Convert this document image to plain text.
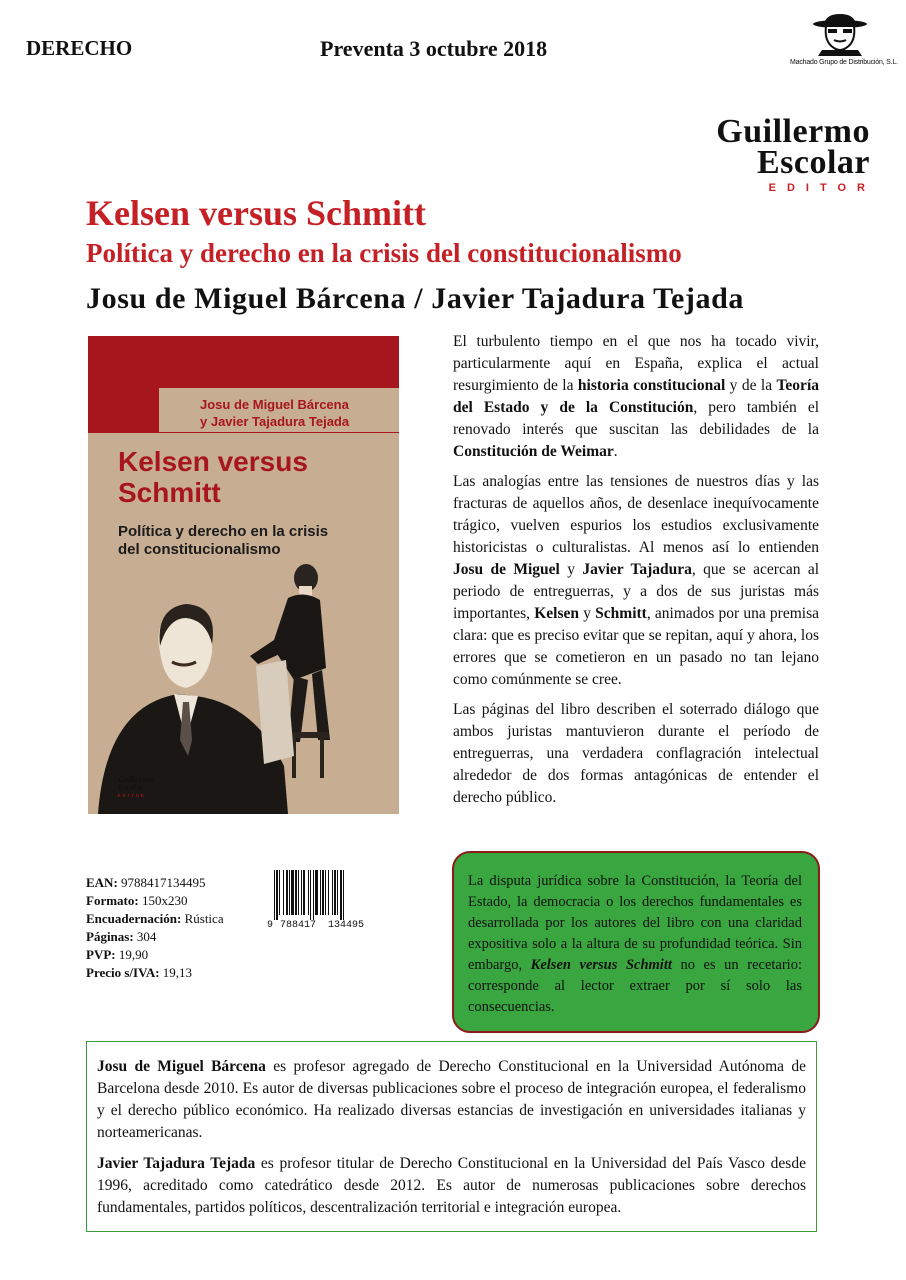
DERECHO	Preventa 3 octubre 2018
Machado Grupo de Distribución, S.L.
Guillermo
Escolar
EDITOR
Kelsen versus Schmitt
Política y derecho en la crisis del constitucionalismo
Josu de Miguel Bárcena / Javier Tajadura Tejada
Josu de Miguel Bárcena
y Javier Tajadura Tejada
Kelsen versus
Schmitt
Política y derecho en la crisis
del constitucionalismo
Guillermo
Escolar
EDITOR

El turbulento tiempo en el que nos ha tocado vivir, particularmente aquí en España, explica el actual resurgimiento de la historia constitucional y de la Teoría del Estado y de la Constitución, pero también el renovado interés que suscitan las debilidades de la Constitución de Weimar.

Las analogías entre las tensiones de nuestros días y las fracturas de aquellos años, de desenlace inequívocamente trágico, vuelven espurios los estudios exclusivamente historicistas o culturalistas. Al menos así lo entienden Josu de Miguel y Javier Tajadura, que se acercan al periodo de entreguerras, y a dos de sus juristas más importantes, Kelsen y Schmitt, animados por una premisa clara: que es preciso evitar que se repitan, aquí y ahora, los errores que se cometieron en un pasado no tan lejano como comúnmente se cree.

Las páginas del libro describen el soterrado diálogo que ambos juristas mantuvieron durante el período de entreguerras, una verdadera conflagración intelectual alrededor de dos formas antagónicas de entender el derecho público.

EAN: 9788417134495
Formato: 150x230
Encuadernación: Rústica
Páginas: 304
PVP: 19,90
Precio s/IVA: 19,13
9 788417 134495
La disputa jurídica sobre la Constitución, la Teoría del Estado, la democracia o los derechos fundamentales es desarrollada por los autores del libro con una claridad expositiva solo a la altura de su profundidad teórica. Sin embargo, Kelsen versus Schmitt no es un recetario: corresponde al lector extraer por sí solo las consecuencias.

Josu de Miguel Bárcena es profesor agregado de Derecho Constitucional en la Universidad Autónoma de Barcelona desde 2010. Es autor de diversas publicaciones sobre el proceso de integración europea, el federalismo y el derecho público económico. Ha realizado diversas estancias de investigación en universidades italianas y norteamericanas.

Javier Tajadura Tejada es profesor titular de Derecho Constitucional en la Universidad del País Vasco desde 1996, acreditado como catedrático desde 2012. Es autor de numerosas publicaciones sobre derechos fundamentales, partidos políticos, descentralización territorial e integración europea.
